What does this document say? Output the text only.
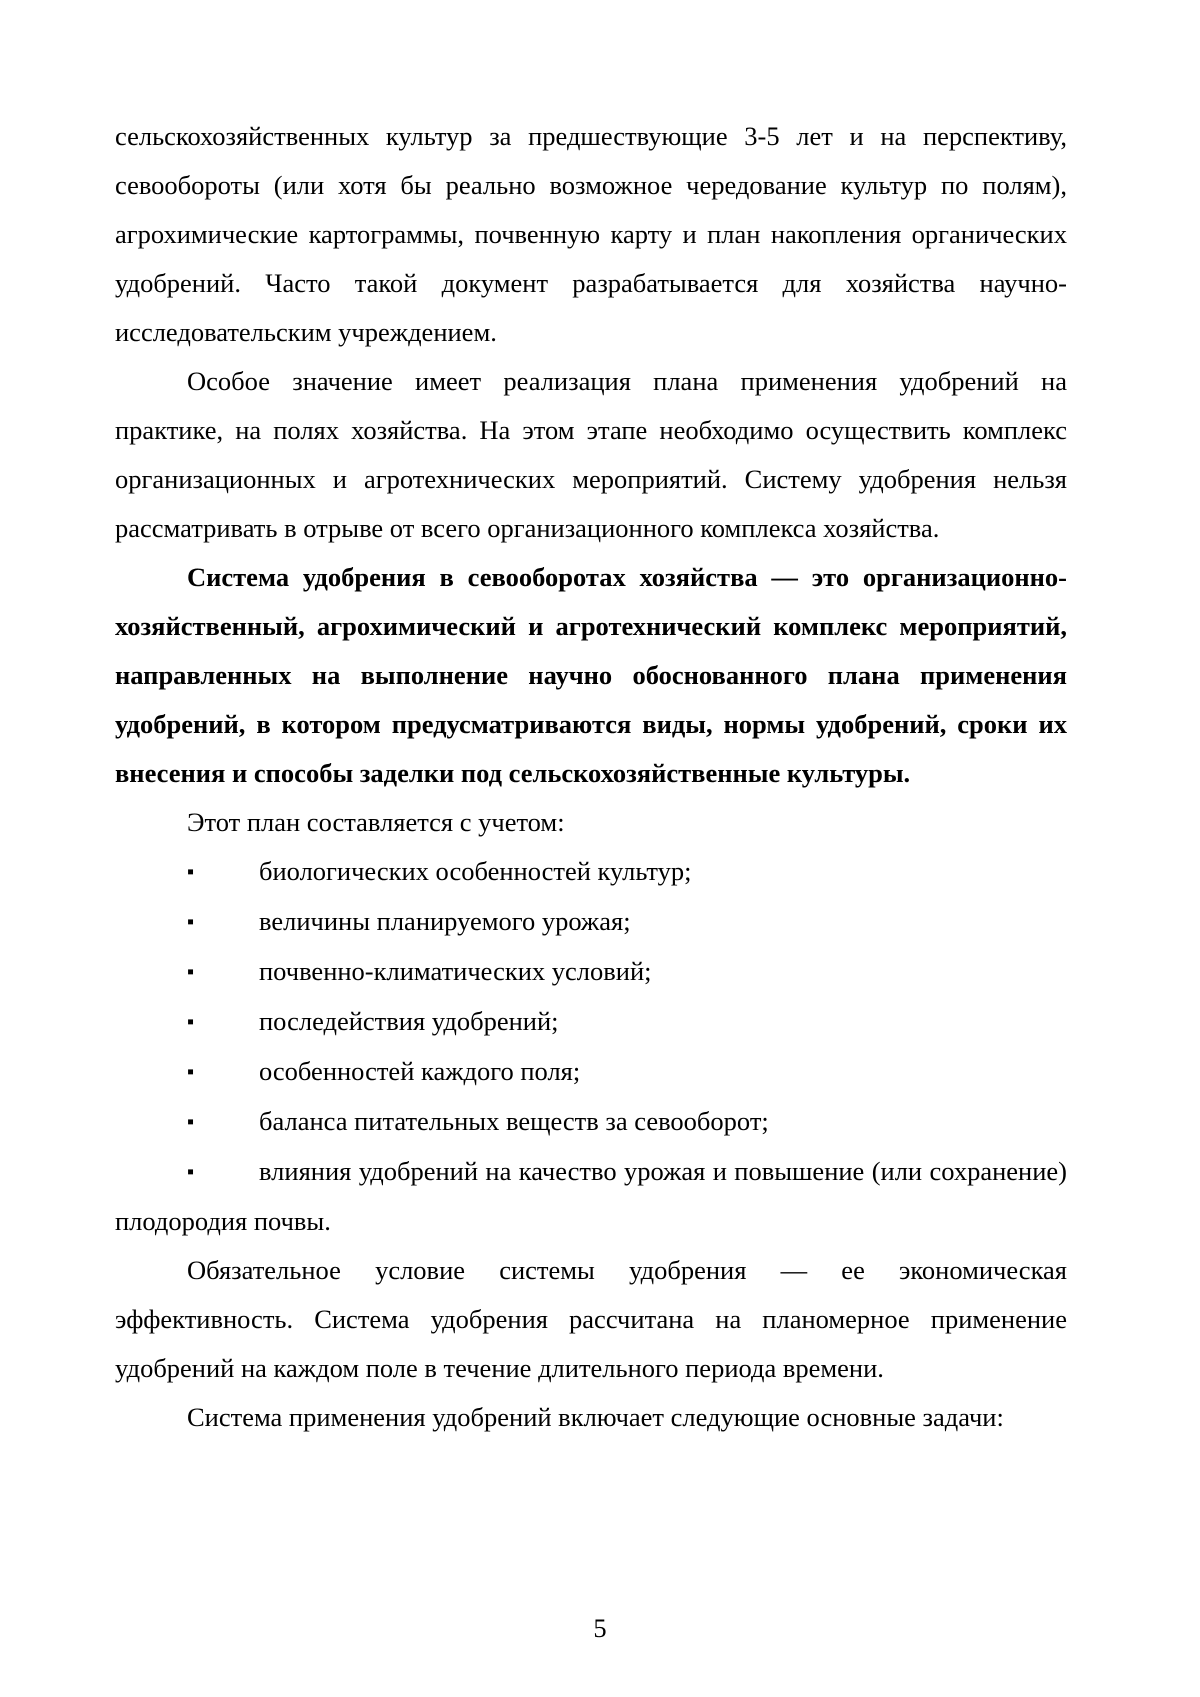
сельскохозяйственных культур за предшествующие 3-5 лет и на перспективу, севообороты (или хотя бы реально возможное чередование культур по полям), агрохимические картограммы, почвенную карту и план накопления органических удобрений. Часто такой документ разрабатывается для хозяйства научно-исследовательским учреждением.

Особое значение имеет реализация плана применения удобрений на практике, на полях хозяйства. На этом этапе необходимо осуществить комплекс организационных и агротехнических мероприятий. Систему удобрения нельзя рассматривать в отрыве от всего организационного комплекса хозяйства.

Система удобрения в севооборотах хозяйства — это организационно-хозяйственный, агрохимический и агротехнический комплекс мероприятий, направленных на выполнение научно обоснованного плана применения удобрений, в котором предусматриваются виды, нормы удобрений, сроки их внесения и способы заделки под сельскохозяйственные культуры.

Этот план составляется с учетом:

▪ биологических особенностей культур;
▪ величины планируемого урожая;
▪ почвенно-климатических условий;
▪ последействия удобрений;
▪ особенностей каждого поля;
▪ баланса питательных веществ за севооборот;
▪ влияния удобрений на качество урожая и повышение (или сохранение) плодородия почвы.

Обязательное условие системы удобрения — ее экономическая эффективность. Система удобрения рассчитана на планомерное применение удобрений на каждом поле в течение длительного периода времени.

Система применения удобрений включает следующие основные задачи:

5
